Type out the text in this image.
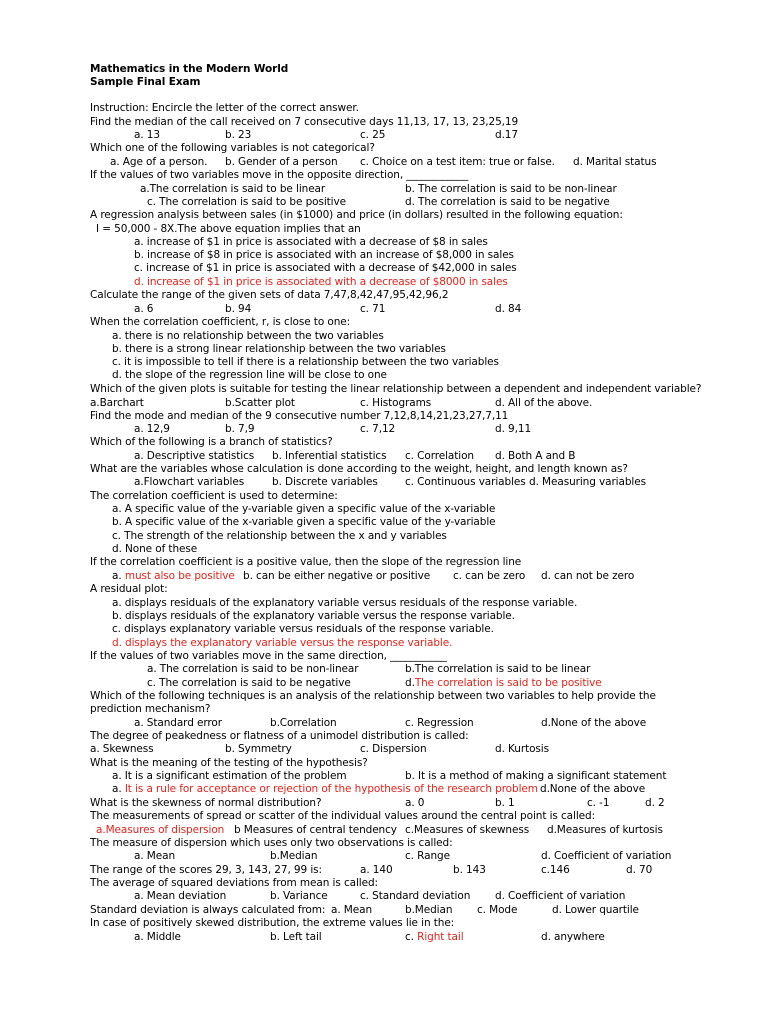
Mathematics in the Modern World
Sample Final Exam
Instruction: Encircle the letter of the correct answer.
Find the median of the call received on 7 consecutive days 11,13, 17, 13, 23,25,19
a. 13	b. 23	c. 25	d.17
Which one of the following variables is not categorical?
a. Age of a person. b. Gender of a person c. Choice on a test item: true or false. d. Marital status
If the values of two variables move in the opposite direction, ____________
a.The correlation is said to be linear	b. The correlation is said to be non-linear
c. The correlation is said to be positive	d. The correlation is said to be negative
A regression analysis between sales (in $1000) and price (in dollars) resulted in the following equation:
I = 50,000 - 8X.The above equation implies that an
a. increase of $1 in price is associated with a decrease of $8 in sales
b. increase of $8 in price is associated with an increase of $8,000 in sales
c. increase of $1 in price is associated with a decrease of $42,000 in sales
d. increase of $1 in price is associated with a decrease of $8000 in sales
Calculate the range of the given sets of data 7,47,8,42,47,95,42,96,2
a. 6	b. 94	c. 71	d. 84
When the correlation coefficient, r, is close to one:
a. there is no relationship between the two variables
b. there is a strong linear relationship between the two variables
c. it is impossible to tell if there is a relationship between the two variables
d. the slope of the regression line will be close to one
Which of the given plots is suitable for testing the linear relationship between a dependent and independent variable?
a.Barchart	b.Scatter plot	c. Histograms	d. All of the above.
Find the mode and median of the 9 consecutive number 7,12,8,14,21,23,27,7,11
a. 12,9	b. 7,9	c. 7,12	d. 9,11
Which of the following is a branch of statistics?
a. Descriptive statistics b. Inferential statistics c. Correlation d. Both A and B
What are the variables whose calculation is done according to the weight, height, and length known as?
a.Flowchart variables	b. Discrete variables	c. Continuous variables d. Measuring variables
The correlation coefficient is used to determine:
a. A specific value of the y-variable given a specific value of the x-variable
b. A specific value of the x-variable given a specific value of the y-variable
c. The strength of the relationship between the x and y variables
d. None of these
If the correlation coefficient is a positive value, then the slope of the regression line
a. must also be positive b. can be either negative or positive c. can be zero d. can not be zero
A residual plot:
a. displays residuals of the explanatory variable versus residuals of the response variable.
b. displays residuals of the explanatory variable versus the response variable.
c. displays explanatory variable versus residuals of the response variable.
d. displays the explanatory variable versus the response variable.
If the values of two variables move in the same direction, ___________
a. The correlation is said to be non-linear	b.The correlation is said to be linear
c. The correlation is said to be negative	d.The correlation is said to be positive
Which of the following techniques is an analysis of the relationship between two variables to help provide the
prediction mechanism?
a. Standard error	b.Correlation	c. Regression	d.None of the above
The degree of peakedness or flatness of a unimodel distribution is called:
a. Skewness	b. Symmetry	c. Dispersion	d. Kurtosis
What is the meaning of the testing of the hypothesis?
a. It is a significant estimation of the problem	b. It is a method of making a significant statement
a. It is a rule for acceptance or rejection of the hypothesis of the research problem d.None of the above
What is the skewness of normal distribution?	a. 0	b. 1	c. -1	d. 2
The measurements of spread or scatter of the individual values around the central point is called:
a.Measures of dispersion b Measures of central tendency c.Measures of skewness d.Measures of kurtosis
The measure of dispersion which uses only two observations is called:
a. Mean	b.Median	c. Range	d. Coefficient of variation
The range of the scores 29, 3, 143, 27, 99 is:	a. 140	b. 143	c.146	d. 70
The average of squared deviations from mean is called:
a. Mean deviation	b. Variance	c. Standard deviation d. Coefficient of variation
Standard deviation is always calculated from: a. Mean	b.Median c. Mode	d. Lower quartile
In case of positively skewed distribution, the extreme values lie in the:
a. Middle	b. Left tail	c. Right tail	d. anywhere
